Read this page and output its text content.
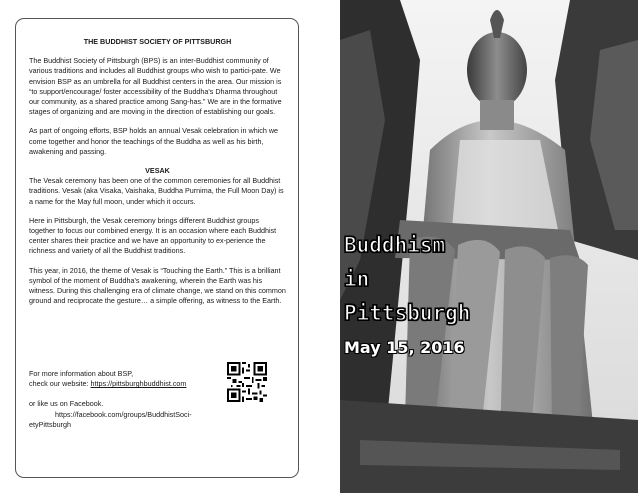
THE BUDDHIST SOCIETY OF PITTSBURGH

The Buddhist Society of Pittsburgh (BPS) is an inter-Buddhist community of various traditions and includes all Buddhist groups who wish to partici-pate. We envision BSP as an umbrella for all Buddhist centers in the area. Our mission is “to support/encourage/ foster accessibility of the Buddha's Dharma throughout our community, as a shared practice among Sang-has.” We are in the formative stages of organizing and are moving in the direction of establishing our goals.

As part of ongoing efforts, BSP holds an annual Vesak celebration in which we come together and honor the teachings of the Buddha as well as his birth, awakening and passing.

VESAK

The Vesak ceremony has been one of the common ceremonies for all Buddhist traditions. Vesak (aka Visaka, Vaishaka, Buddha Purnima, the Full Moon Day) is a name for the May full moon, under which it occurs.

Here in Pittsburgh, the Vesak ceremony brings different Buddhist groups together to focus our combined energy. It is an occasion where each Buddhist center shares their practice and we have an opportunity to ex-perience the richness and variety of all the Buddhist traditions.

This year, in 2016, the theme of Vesak is “Touching the Earth.” This is a brilliant symbol of the moment of Buddha's awakening, wherein the Earth was his witness. During this challenging era of climate change, we stand on this common ground and reciprocate the gesture… a simple offering, as witness to the Earth.

For more information about BSP,

check our website: https://pittsburghbuddhist.com

or like us on Facebook.

https://facebook.com/groups/BuddhistSoci-

etyPittsburgh

Buddhism
in
Pittsburgh
May 15, 2016
